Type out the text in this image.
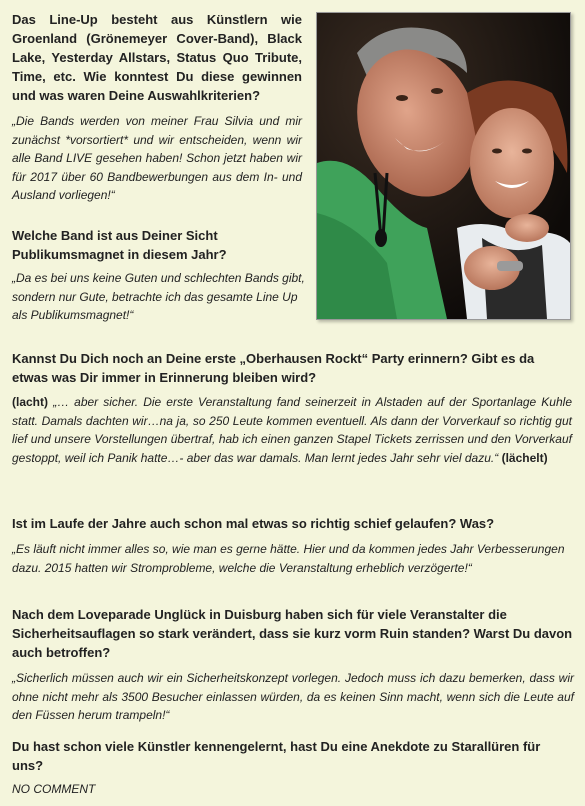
Das Line-Up besteht aus Künstlern wie Groenland (Grönemeyer Cover-Band), Black Lake, Yesterday Allstars, Status Quo Tribute, Time, etc. Wie konntest Du diese gewinnen und was waren Deine Auswahlkriterien?

„Die Bands werden von meiner Frau Silvia und mir zunächst *vorsortiert* und wir entscheiden, wenn wir alle Band LIVE gesehen haben! Schon jetzt haben wir für 2017 über 60 Bandbewerbungen aus dem In- und Ausland vorliegen!“

Welche Band ist aus Deiner Sicht Publikumsmagnet in diesem Jahr?

„Da es bei uns keine Guten und schlechten Bands gibt, sondern nur Gute, betrachte ich das gesamte Line Up als Publikumsmagnet!“

Kannst Du Dich noch an Deine erste „Oberhausen Rockt“ Party erinnern? Gibt es da etwas was Dir immer in Erinnerung bleiben wird?

(lacht) „… aber sicher. Die erste Veranstaltung fand seinerzeit in Alstaden auf der Sportanlage Kuhle statt. Damals dachten wir…na ja, so 250 Leute kommen eventuell. Als dann der Vorverkauf so richtig gut lief und unsere Vorstellungen übertraf, hab ich einen ganzen Stapel Tickets zerrissen und den Vorverkauf gestoppt, weil ich Panik hatte…- aber das war damals. Man lernt jedes Jahr sehr viel dazu.“ (lächelt)

Ist im Laufe der Jahre auch schon mal etwas so richtig schief gelaufen? Was?

„Es läuft nicht immer alles so, wie man es gerne hätte. Hier und da kommen jedes Jahr Verbesserungen dazu. 2015 hatten wir Stromprobleme, welche die Veranstaltung erheblich verzögerte!“

Nach dem Loveparade Unglück in Duisburg haben sich für viele Veranstalter die Sicherheitsauflagen so stark verändert, dass sie kurz vorm Ruin standen? Warst Du davon auch betroffen?

„Sicherlich müssen auch wir ein Sicherheitskonzept vorlegen. Jedoch muss ich dazu bemerken, dass wir ohne nicht mehr als 3500 Besucher einlassen würden, da es keinen Sinn macht, wenn sich die Leute auf den Füssen herum trampeln!“

Du hast schon viele Künstler kennengelernt, hast Du eine Anekdote zu Starallüren für uns?

NO COMMENT
